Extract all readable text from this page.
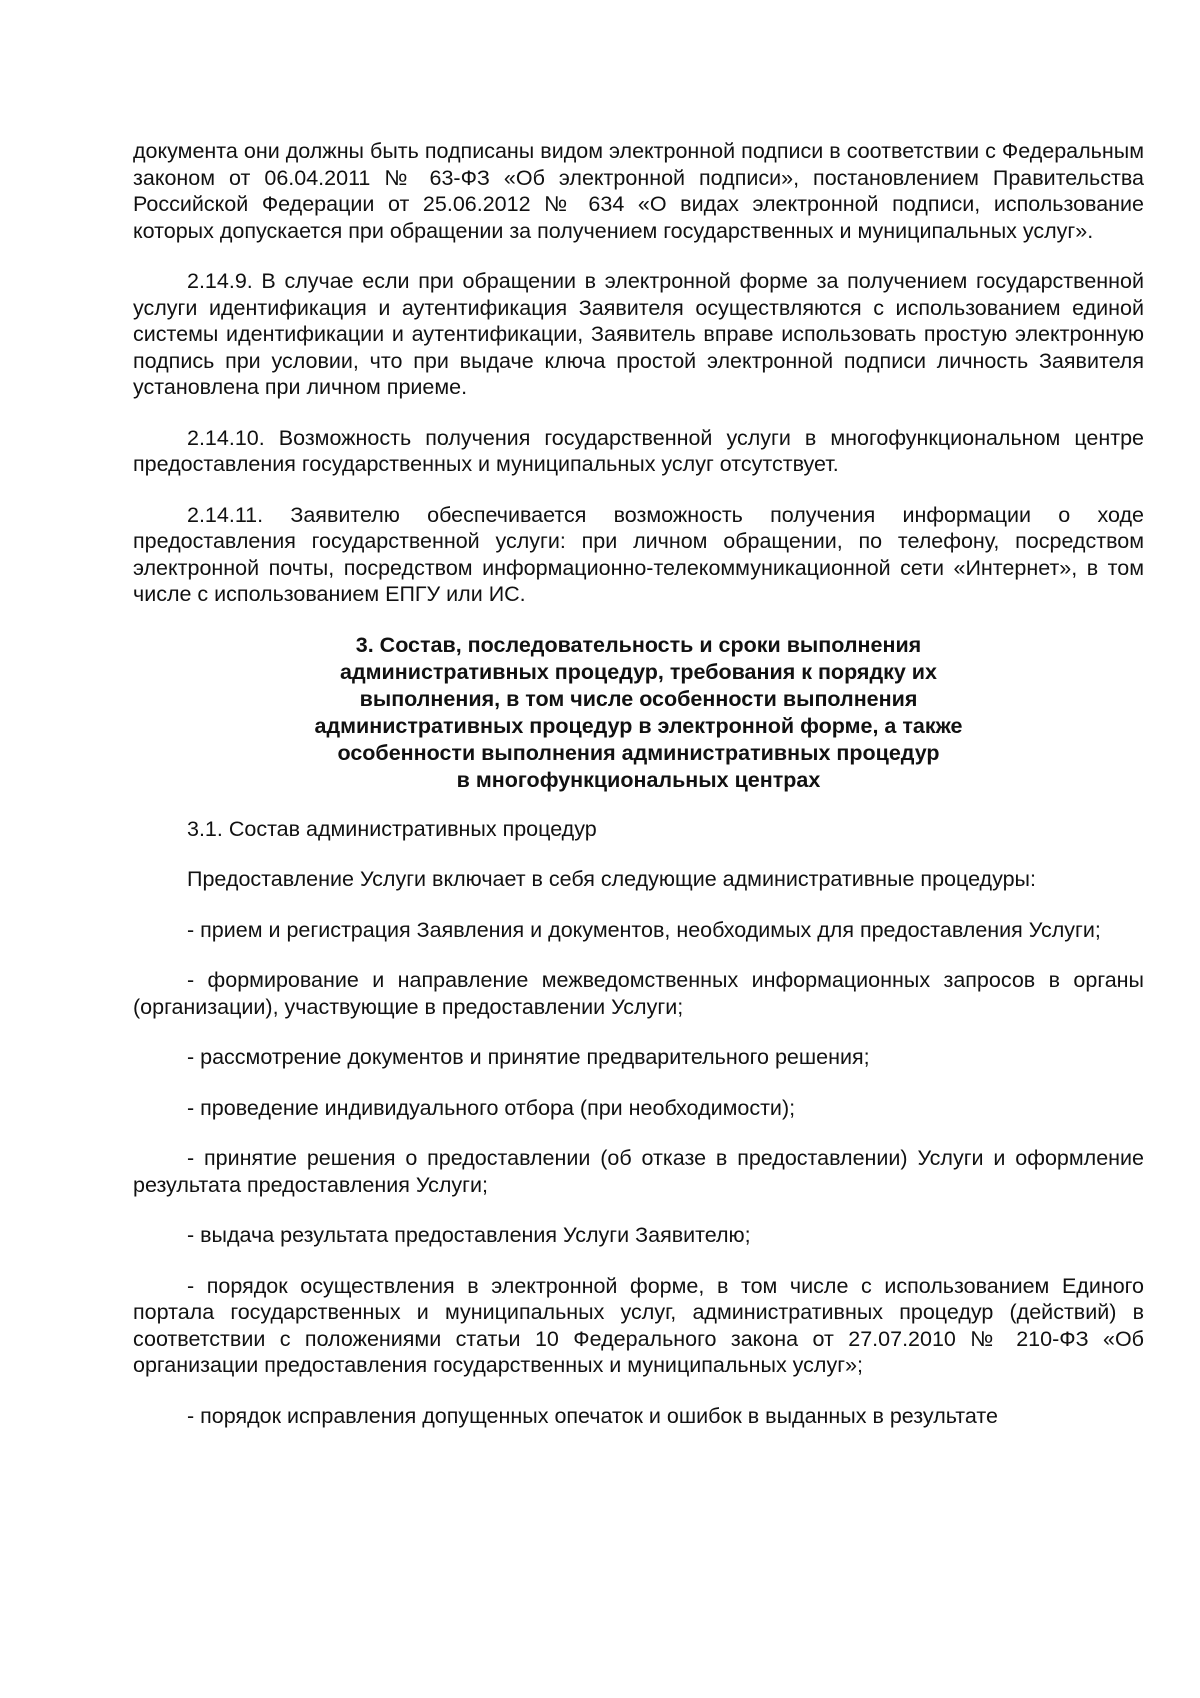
документа они должны быть подписаны видом электронной подписи в соответствии с Федеральным законом от 06.04.2011 № 63-ФЗ «Об электронной подписи», постановлением Правительства Российской Федерации от 25.06.2012 № 634 «О видах электронной подписи, использование которых допускается при обращении за получением государственных и муниципальных услуг».

2.14.9. В случае если при обращении в электронной форме за получением государственной услуги идентификация и аутентификация Заявителя осуществляются с использованием единой системы идентификации и аутентификации, Заявитель вправе использовать простую электронную подпись при условии, что при выдаче ключа простой электронной подписи личность Заявителя установлена при личном приеме.

2.14.10. Возможность получения государственной услуги в многофункциональном центре предоставления государственных и муниципальных услуг отсутствует.

2.14.11. Заявителю обеспечивается возможность получения информации о ходе предоставления государственной услуги: при личном обращении, по телефону, посредством электронной почты, посредством информационно-телекоммуникационной сети «Интернет», в том числе с использованием ЕПГУ или ИС.

3. Состав, последовательность и сроки выполнения
административных процедур, требования к порядку их
выполнения, в том числе особенности выполнения
административных процедур в электронной форме, а также
особенности выполнения административных процедур
в многофункциональных центрах

3.1. Состав административных процедур

Предоставление Услуги включает в себя следующие административные процедуры:

- прием и регистрация Заявления и документов, необходимых для предоставления Услуги;

- формирование и направление межведомственных информационных запросов в органы (организации), участвующие в предоставлении Услуги;

- рассмотрение документов и принятие предварительного решения;

- проведение индивидуального отбора (при необходимости);

- принятие решения о предоставлении (об отказе в предоставлении) Услуги и оформление результата предоставления Услуги;

- выдача результата предоставления Услуги Заявителю;

- порядок осуществления в электронной форме, в том числе с использованием Единого портала государственных и муниципальных услуг, административных процедур (действий) в соответствии с положениями статьи 10 Федерального закона от 27.07.2010 № 210-ФЗ «Об организации предоставления государственных и муниципальных услуг»;

- порядок исправления допущенных опечаток и ошибок в выданных в результате
